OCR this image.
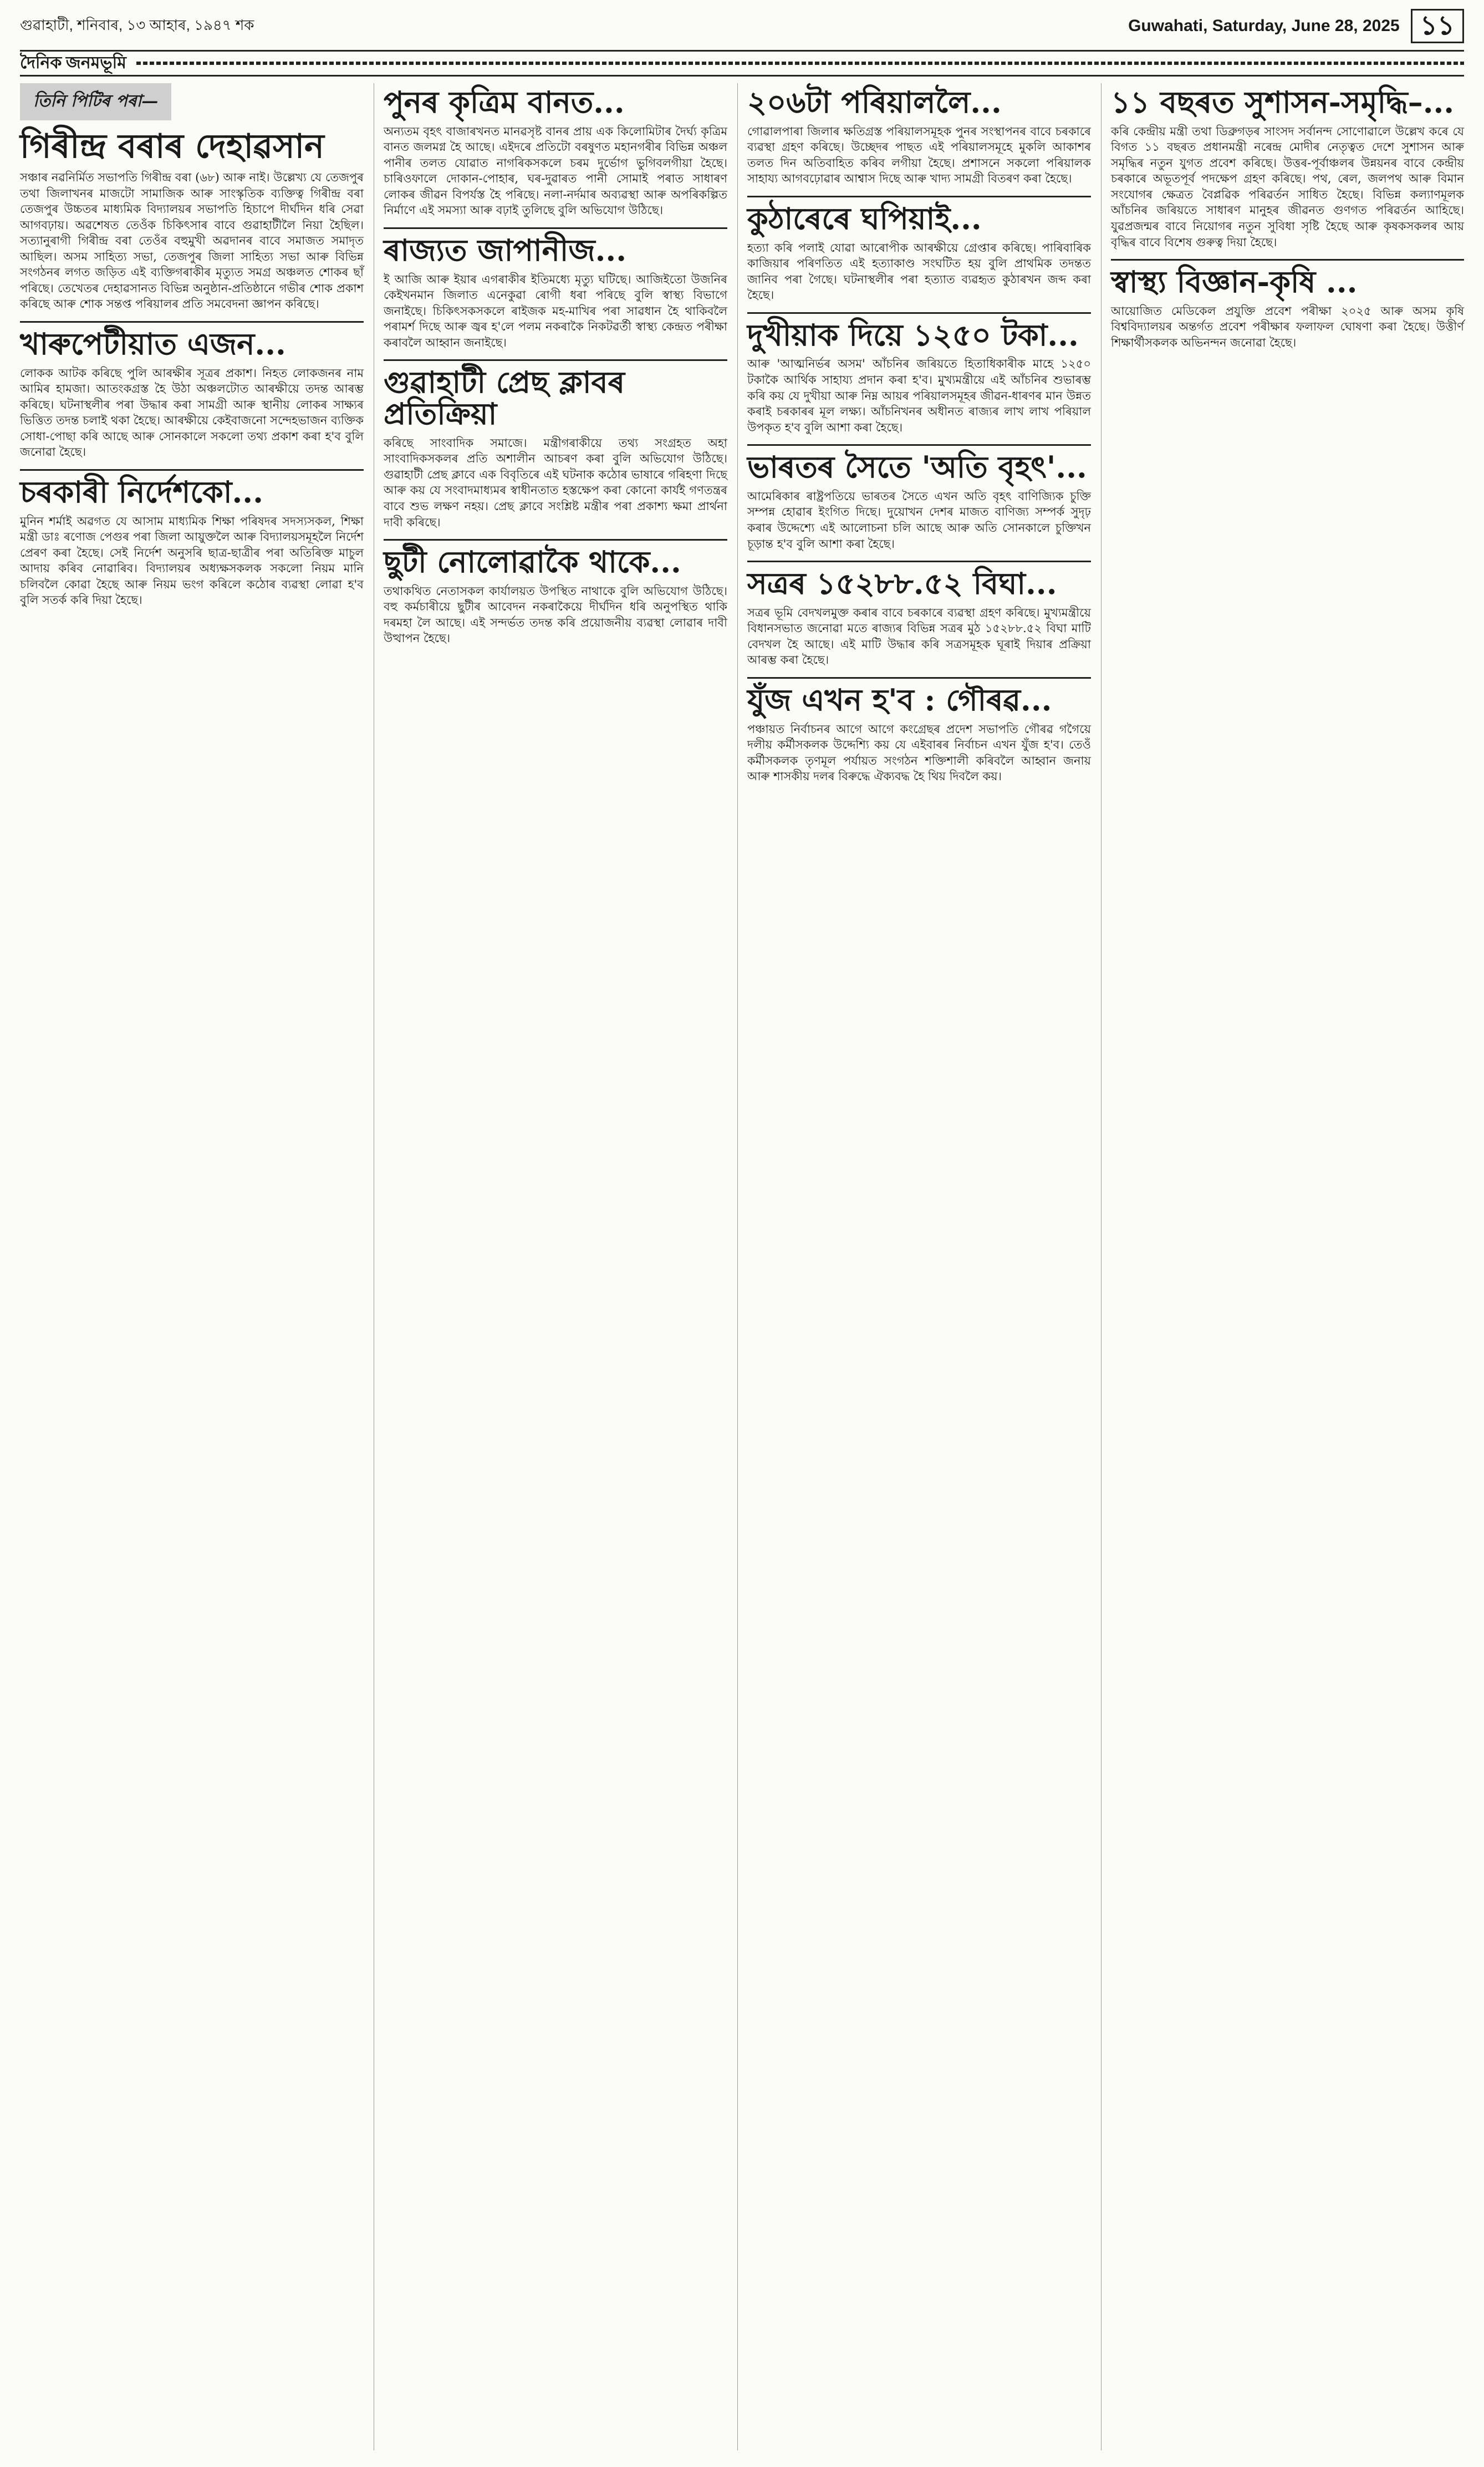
গুৱাহাটী, শনিবাৰ, ১৩ আহাৰ, ১৯৪৭ শক	Guwahati, Saturday, June 28, 2025 ১১
দৈনিক জনমভূমি
তিনি পিটিৰ পৰা—
গিৰীন্দ্ৰ বৰাৰ দেহাৱসান

সঞ্চাৰ নৱনিৰ্মিত সভাপতি গিৰীন্দ্ৰ বৰা (৬৮) আৰু নাই। উল্লেখ্য যে তেজপুৰ তথা জিলাখনৰ মাজটো সামাজিক আৰু সাংস্কৃতিক ব্যক্তিত্ব গিৰীন্দ্ৰ বৰা তেজপুৰ উচ্চতৰ মাধ্যমিক বিদ্যালয়ৰ সভাপতি হিচাপে দীৰ্ঘদিন ধৰি সেৱা আগবঢ়ায়। অৱশেষত তেওঁক চিকিৎসাৰ বাবে গুৱাহাটীলৈ নিয়া হৈছিল। সত্যানুৰাগী গিৰীন্দ্ৰ বৰা তেওঁৰ বহুমুখী অৱদানৰ বাবে সমাজত সমাদৃত আছিল। অসম সাহিত্য সভা, তেজপুৰ জিলা সাহিত্য সভা আৰু বিভিন্ন সংগঠনৰ লগত জড়িত এই ব্যক্তিগৰাকীৰ মৃত্যুত সমগ্ৰ অঞ্চলত শোকৰ ছাঁ পৰিছে। তেখেতৰ দেহাৱসানত বিভিন্ন অনুষ্ঠান-প্ৰতিষ্ঠানে গভীৰ শোক প্ৰকাশ কৰিছে আৰু শোক সন্তপ্ত পৰিয়ালৰ প্ৰতি সমবেদনা জ্ঞাপন কৰিছে।

খাৰুপেটীয়াত এজন...

লোকক আটক কৰিছে পুলি আৰক্ষীৰ সূত্ৰৰ প্ৰকাশ। নিহত লোকজনৰ নাম আমিৰ হামজা। আতংকগ্ৰস্ত হৈ উঠা অঞ্চলটোত আৰক্ষীয়ে তদন্ত আৰম্ভ কৰিছে। ঘটনাস্থলীৰ পৰা উদ্ধাৰ কৰা সামগ্ৰী আৰু স্থানীয় লোকৰ সাক্ষ্যৰ ভিত্তিত তদন্ত চলাই থকা হৈছে। আৰক্ষীয়ে কেইবাজনো সন্দেহভাজন ব্যক্তিক সোধা-পোছা কৰি আছে আৰু সোনকালে সকলো তথ্য প্ৰকাশ কৰা হ'ব বুলি জনোৱা হৈছে।

চৰকাৰী নিৰ্দেশকো...

মুনিন শৰ্মাই অৱগত যে আসাম মাধ্যমিক শিক্ষা পৰিষদৰ সদস্যসকল, শিক্ষা মন্ত্ৰী ডাঃ ৰণোজ পেগুৰ পৰা জিলা আয়ুক্তলৈ আৰু বিদ্যালয়সমূহলৈ নিৰ্দেশ প্ৰেৰণ কৰা হৈছে। সেই নিৰ্দেশ অনুসৰি ছাত্ৰ-ছাত্ৰীৰ পৰা অতিৰিক্ত মাচুল আদায় কৰিব নোৱাৰিব। বিদ্যালয়ৰ অধ্যক্ষসকলক সকলো নিয়ম মানি চলিবলৈ কোৱা হৈছে আৰু নিয়ম ভংগ কৰিলে কঠোৰ ব্যৱস্থা লোৱা হ'ব বুলি সতৰ্ক কৰি দিয়া হৈছে।

পুনৰ কৃত্ৰিম বানত...

অন্যতম বৃহৎ বাজাৰখনত মানৱসৃষ্ট বানৰ প্ৰায় এক কিলোমিটাৰ দৈৰ্ঘ্য কৃত্ৰিম বানত জলমগ্ন হৈ আছে। এইদৰে প্ৰতিটো বৰষুণত মহানগৰীৰ বিভিন্ন অঞ্চল পানীৰ তলত যোৱাত নাগৰিকসকলে চৰম দুৰ্ভোগ ভুগিবলগীয়া হৈছে। চাৰিওফালে দোকান-পোহাৰ, ঘৰ-দুৱাৰত পানী সোমাই পৰাত সাধাৰণ লোকৰ জীৱন বিপৰ্যস্ত হৈ পৰিছে। নলা-নৰ্দমাৰ অব্যৱস্থা আৰু অপৰিকল্পিত নিৰ্মাণে এই সমস্যা আৰু বঢ়াই তুলিছে বুলি অভিযোগ উঠিছে।

ৰাজ্যত জাপানীজ...

ই আজি আৰু ইয়াৰ এগৰাকীৰ ইতিমধ্যে মৃত্যু ঘটিছে। আজিইতো উজনিৰ কেইখনমান জিলাত এনেকুৱা ৰোগী ধৰা পৰিছে বুলি স্বাস্থ্য বিভাগে জনাইছে। চিকিৎসকসকলে ৰাইজক মহ-মাখিৰ পৰা সাৱধান হৈ থাকিবলৈ পৰামৰ্শ দিছে আৰু জ্বৰ হ'লে পলম নকৰাকৈ নিকটৱৰ্তী স্বাস্থ্য কেন্দ্ৰত পৰীক্ষা কৰাবলৈ আহ্বান জনাইছে।

গুৱাহাটী প্ৰেছ ক্লাবৰ প্ৰতিক্ৰিয়া

কৰিছে সাংবাদিক সমাজে। মন্ত্ৰীগৰাকীয়ে তথ্য সংগ্ৰহত অহা সাংবাদিকসকলৰ প্ৰতি অশালীন আচৰণ কৰা বুলি অভিযোগ উঠিছে। গুৱাহাটী প্ৰেছ ক্লাবে এক বিবৃতিৰে এই ঘটনাক কঠোৰ ভাষাৰে গৰিহণা দিছে আৰু কয় যে সংবাদমাধ্যমৰ স্বাধীনতাত হস্তক্ষেপ কৰা কোনো কাৰ্যই গণতন্ত্ৰৰ বাবে শুভ লক্ষণ নহয়। প্ৰেছ ক্লাবে সংশ্লিষ্ট মন্ত্ৰীৰ পৰা প্ৰকাশ্য ক্ষমা প্ৰাৰ্থনা দাবী কৰিছে।

ছুটী নোলোৱাকৈ থাকে...

তথাকথিত নেতাসকল কাৰ্যালয়ত উপস্থিত নাথাকে বুলি অভিযোগ উঠিছে। বহু কৰ্মচাৰীয়ে ছুটীৰ আবেদন নকৰাকৈয়ে দীৰ্ঘদিন ধৰি অনুপস্থিত থাকি দৰমহা লৈ আছে। এই সন্দৰ্ভত তদন্ত কৰি প্ৰয়োজনীয় ব্যৱস্থা লোৱাৰ দাবী উত্থাপন হৈছে।

২০৬টা পৰিয়াললৈ...

গোৱালপাৰা জিলাৰ ক্ষতিগ্ৰস্ত পৰিয়ালসমূহক পুনৰ সংস্থাপনৰ বাবে চৰকাৰে ব্যৱস্থা গ্ৰহণ কৰিছে। উচ্ছেদৰ পাছত এই পৰিয়ালসমূহে মুকলি আকাশৰ তলত দিন অতিবাহিত কৰিব লগীয়া হৈছে। প্ৰশাসনে সকলো পৰিয়ালক সাহায্য আগবঢ়োৱাৰ আশ্বাস দিছে আৰু খাদ্য সামগ্ৰী বিতৰণ কৰা হৈছে।

কুঠাৰেৰে ঘপিয়াই...

হত্যা কৰি পলাই যোৱা আৰোপীক আৰক্ষীয়ে গ্ৰেপ্তাৰ কৰিছে। পাৰিবাৰিক কাজিয়াৰ পৰিণতিত এই হত্যাকাণ্ড সংঘটিত হয় বুলি প্ৰাথমিক তদন্তত জানিব পৰা গৈছে। ঘটনাস্থলীৰ পৰা হত্যাত ব্যৱহৃত কুঠাৰখন জব্দ কৰা হৈছে।

দুখীয়াক দিয়ে ১২৫০ টকা...

আৰু 'আত্মনিৰ্ভৰ অসম' আঁচনিৰ জৰিয়তে হিতাধিকাৰীক মাহে ১২৫০ টকাকৈ আৰ্থিক সাহায্য প্ৰদান কৰা হ'ব। মুখ্যমন্ত্ৰীয়ে এই আঁচনিৰ শুভাৰম্ভ কৰি কয় যে দুখীয়া আৰু নিম্ন আয়ৰ পৰিয়ালসমূহৰ জীৱন-ধাৰণৰ মান উন্নত কৰাই চৰকাৰৰ মূল লক্ষ্য। আঁচনিখনৰ অধীনত ৰাজ্যৰ লাখ লাখ পৰিয়াল উপকৃত হ'ব বুলি আশা কৰা হৈছে।

ভাৰতৰ সৈতে 'অতি বৃহৎ'...

আমেৰিকাৰ ৰাষ্ট্ৰপতিয়ে ভাৰতৰ সৈতে এখন অতি বৃহৎ বাণিজ্যিক চুক্তি সম্পন্ন হোৱাৰ ইংগিত দিছে। দুয়োখন দেশৰ মাজত বাণিজ্য সম্পৰ্ক সুদৃঢ় কৰাৰ উদ্দেশ্যে এই আলোচনা চলি আছে আৰু অতি সোনকালে চুক্তিখন চূড়ান্ত হ'ব বুলি আশা কৰা হৈছে।

সত্ৰৰ ১৫২৮৮.৫২ বিঘা...

সত্ৰৰ ভূমি বেদখলমুক্ত কৰাৰ বাবে চৰকাৰে ব্যৱস্থা গ্ৰহণ কৰিছে। মুখ্যমন্ত্ৰীয়ে বিধানসভাত জনোৱা মতে ৰাজ্যৰ বিভিন্ন সত্ৰৰ মুঠ ১৫২৮৮.৫২ বিঘা মাটি বেদখল হৈ আছে। এই মাটি উদ্ধাৰ কৰি সত্ৰসমূহক ঘূৰাই দিয়াৰ প্ৰক্ৰিয়া আৰম্ভ কৰা হৈছে।

যুঁজ এখন হ'ব : গৌৰৱ...

পঞ্চায়ত নিৰ্বাচনৰ আগে আগে কংগ্ৰেছৰ প্ৰদেশ সভাপতি গৌৰৱ গগৈয়ে দলীয় কৰ্মীসকলক উদ্দেশ্যি কয় যে এইবাৰৰ নিৰ্বাচন এখন যুঁজ হ'ব। তেওঁ কৰ্মীসকলক তৃণমূল পৰ্যায়ত সংগঠন শক্তিশালী কৰিবলৈ আহ্বান জনায় আৰু শাসকীয় দলৰ বিৰুদ্ধে ঐক্যবদ্ধ হৈ থিয় দিবলৈ কয়।

১১ বছৰত সুশাসন-সমৃদ্ধি–...

কৰি কেন্দ্ৰীয় মন্ত্ৰী তথা ডিব্ৰুগড়ৰ সাংসদ সৰ্বানন্দ সোণোৱালে উল্লেখ কৰে যে বিগত ১১ বছৰত প্ৰধানমন্ত্ৰী নৰেন্দ্ৰ মোদীৰ নেতৃত্বত দেশে সুশাসন আৰু সমৃদ্ধিৰ নতুন যুগত প্ৰবেশ কৰিছে। উত্তৰ-পূৰ্বাঞ্চলৰ উন্নয়নৰ বাবে কেন্দ্ৰীয় চৰকাৰে অভূতপূৰ্ব পদক্ষেপ গ্ৰহণ কৰিছে। পথ, ৰেল, জলপথ আৰু বিমান সংযোগৰ ক্ষেত্ৰত বৈপ্লৱিক পৰিৱৰ্তন সাধিত হৈছে। বিভিন্ন কল্যাণমূলক আঁচনিৰ জৰিয়তে সাধাৰণ মানুহৰ জীৱনত গুণগত পৰিৱৰ্তন আহিছে। যুৱপ্ৰজন্মৰ বাবে নিয়োগৰ নতুন সুবিধা সৃষ্টি হৈছে আৰু কৃষকসকলৰ আয় বৃদ্ধিৰ বাবে বিশেষ গুৰুত্ব দিয়া হৈছে।

স্বাস্থ্য বিজ্ঞান-কৃষি ...

আয়োজিত মেডিকেল প্ৰযুক্তি প্ৰবেশ পৰীক্ষা ২০২৫ আৰু অসম কৃষি বিশ্ববিদ্যালয়ৰ অন্তৰ্গত প্ৰবেশ পৰীক্ষাৰ ফলাফল ঘোষণা কৰা হৈছে। উত্তীৰ্ণ শিক্ষাৰ্থীসকলক অভিনন্দন জনোৱা হৈছে।
